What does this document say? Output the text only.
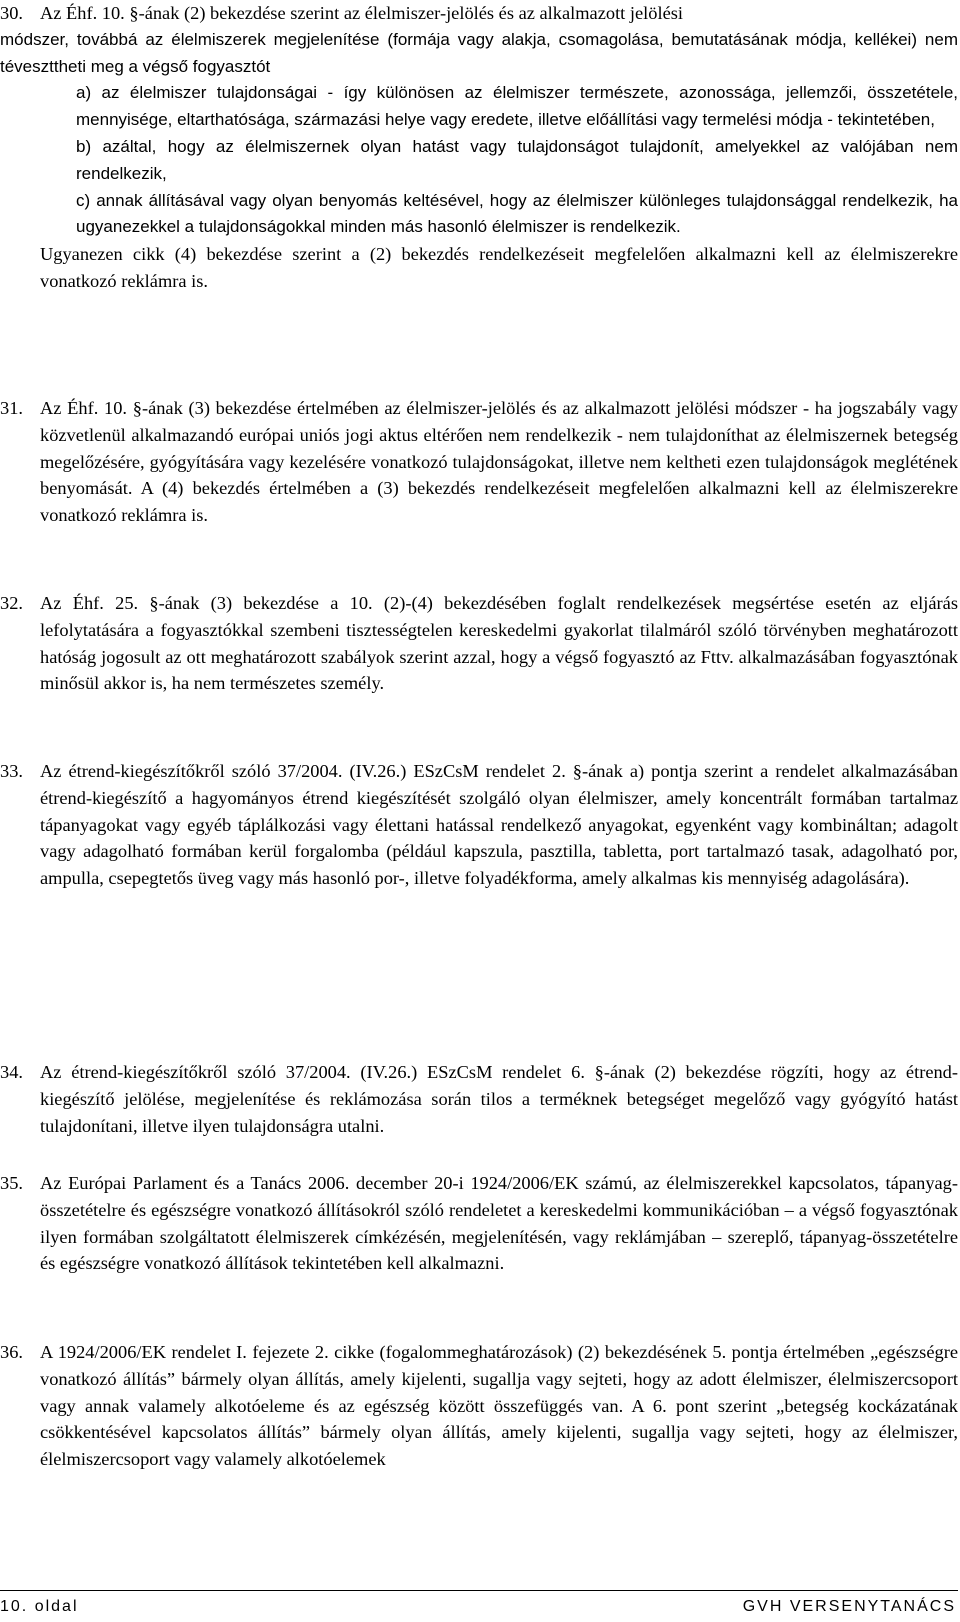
30. Az Éhf. 10. §-ának (2) bekezdése szerint az élelmiszer-jelölés és az alkalmazott jelölési

módszer, továbbá az élelmiszerek megjelenítése (formája vagy alakja, csomagolása, bemutatásának módja, kellékei) nem téveszttheti meg a végső fogyasztót

a) az élelmiszer tulajdonságai - így különösen az élelmiszer természete, azonossága, jellemzői, összetétele, mennyisége, eltarthatósága, származási helye vagy eredete, illetve előállítási vagy termelési módja - tekintetében,

b) azáltal, hogy az élelmiszernek olyan hatást vagy tulajdonságot tulajdonít, amelyekkel az valójában nem rendelkezik,

c) annak állításával vagy olyan benyomás keltésével, hogy az élelmiszer különleges tulajdonsággal rendelkezik, ha ugyanezekkel a tulajdonságokkal minden más hasonló élelmiszer is rendelkezik.

Ugyanezen cikk (4) bekezdése szerint a (2) bekezdés rendelkezéseit megfelelően alkalmazni kell az élelmiszerekre vonatkozó reklámra is.

31. Az Éhf. 10. §-ának (3) bekezdése értelmében az élelmiszer-jelölés és az alkalmazott jelölési módszer - ha jogszabály vagy közvetlenül alkalmazandó európai uniós jogi aktus eltérően nem rendelkezik - nem tulajdoníthat az élelmiszernek betegség megelőzésére, gyógyítására vagy kezelésére vonatkozó tulajdonságokat, illetve nem keltheti ezen tulajdonságok meglétének benyomását. A (4) bekezdés értelmében a (3) bekezdés rendelkezéseit megfelelően alkalmazni kell az élelmiszerekre vonatkozó reklámra is.

32. Az Éhf. 25. §-ának (3) bekezdése a 10. (2)-(4) bekezdésében foglalt rendelkezések megsértése esetén az eljárás lefolytatására a fogyasztókkal szembeni tisztességtelen kereskedelmi gyakorlat tilalmáról szóló törvényben meghatározott hatóság jogosult az ott meghatározott szabályok szerint azzal, hogy a végső fogyasztó az Fttv. alkalmazásában fogyasztónak minősül akkor is, ha nem természetes személy.

33. Az étrend-kiegészítőkről szóló 37/2004. (IV.26.) ESzCsM rendelet 2. §-ának a) pontja szerint a rendelet alkalmazásában étrend-kiegészítő a hagyományos étrend kiegészítését szolgáló olyan élelmiszer, amely koncentrált formában tartalmaz tápanyagokat vagy egyéb táplálkozási vagy élettani hatással rendelkező anyagokat, egyenként vagy kombináltan; adagolt vagy adagolható formában kerül forgalomba (például kapszula, pasztilla, tabletta, port tartalmazó tasak, adagolható por, ampulla, csepegtetős üveg vagy más hasonló por-, illetve folyadékforma, amely alkalmas kis mennyiség adagolására).

34. Az étrend-kiegészítőkről szóló 37/2004. (IV.26.) ESzCsM rendelet 6. §-ának (2) bekezdése rögzíti, hogy az étrend-kiegészítő jelölése, megjelenítése és reklámozása során tilos a terméknek betegséget megelőző vagy gyógyító hatást tulajdonítani, illetve ilyen tulajdonságra utalni.

35. Az Európai Parlament és a Tanács 2006. december 20-i 1924/2006/EK számú, az élelmiszerekkel kapcsolatos, tápanyag-összetételre és egészségre vonatkozó állításokról szóló rendeletet a kereskedelmi kommunikációban – a végső fogyasztónak ilyen formában szolgáltatott élelmiszerek címkézésén, megjelenítésén, vagy reklámjában – szereplő, tápanyag-összetételre és egészségre vonatkozó állítások tekintetében kell alkalmazni.

36. A 1924/2006/EK rendelet I. fejezete 2. cikke (fogalommeghatározások) (2) bekezdésének 5. pontja értelmében „egészségre vonatkozó állítás” bármely olyan állítás, amely kijelenti, sugallja vagy sejteti, hogy az adott élelmiszer, élelmiszercsoport vagy annak valamely alkotóeleme és az egészség között összefüggés van. A 6. pont szerint „betegség kockázatának csökkentésével kapcsolatos állítás” bármely olyan állítás, amely kijelenti, sugallja vagy sejteti, hogy az élelmiszer, élelmiszercsoport vagy valamely alkotóelemek

10. oldal	GVH VERSENYTANÁCS
